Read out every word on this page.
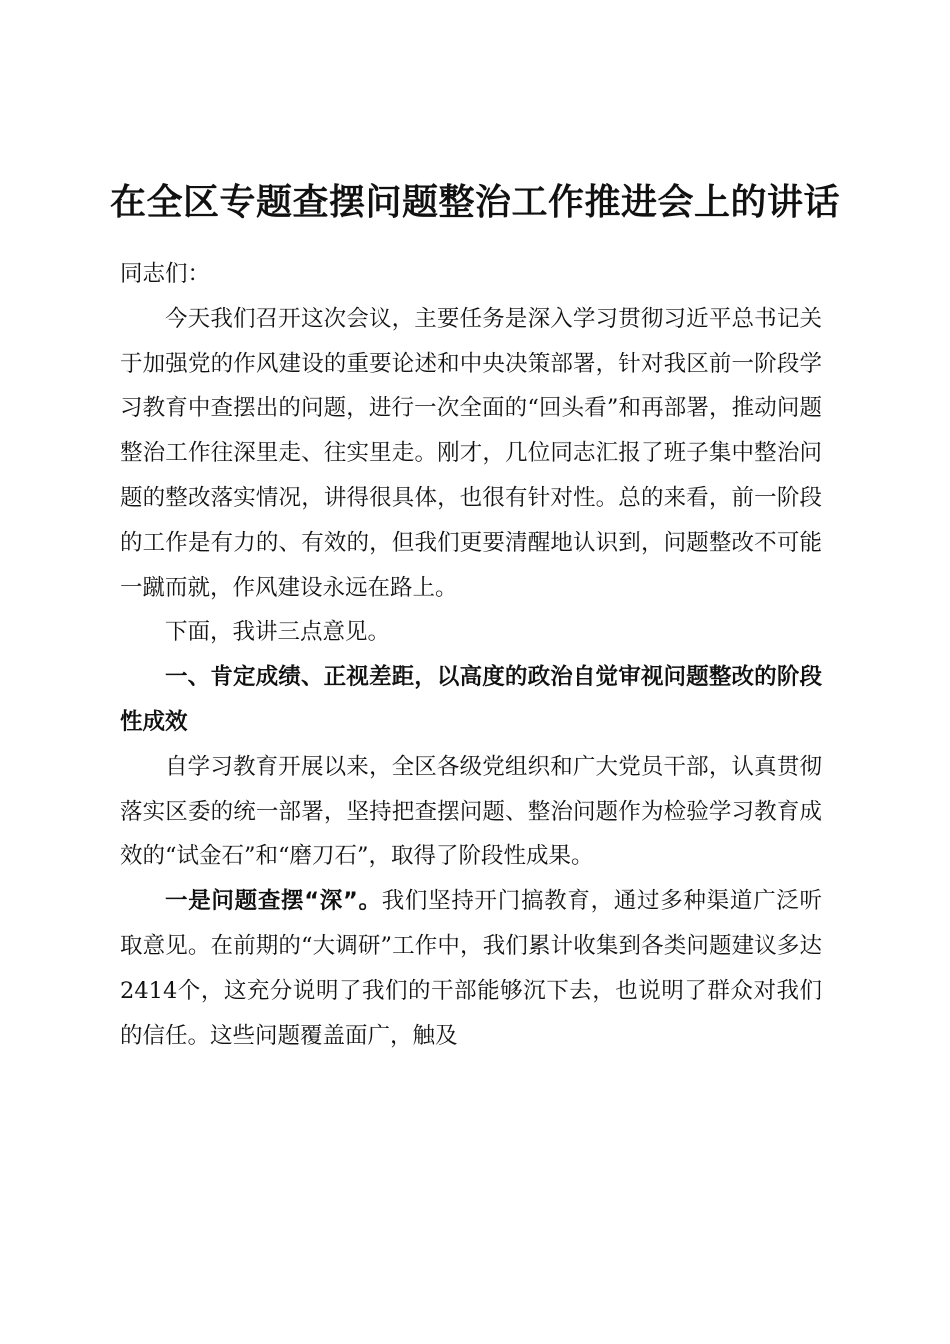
在全区专题查摆问题整治工作推进会上的讲话

同志们：

今天我们召开这次会议，主要任务是深入学习贯彻习近平总书记关于加强党的作风建设的重要论述和中央决策部署，针对我区前一阶段学习教育中查摆出的问题，进行一次全面的“回头看”和再部署，推动问题整治工作往深里走、往实里走。刚才，几位同志汇报了班子集中整治问题的整改落实情况，讲得很具体，也很有针对性。总的来看，前一阶段的工作是有力的、有效的，但我们更要清醒地认识到，问题整改不可能一蹴而就，作风建设永远在路上。

下面，我讲三点意见。

一、肯定成绩、正视差距，以高度的政治自觉审视问题整改的阶段性成效

自学习教育开展以来，全区各级党组织和广大党员干部，认真贯彻落实区委的统一部署，坚持把查摆问题、整治问题作为检验学习教育成效的“试金石”和“磨刀石”，取得了阶段性成果。

一是问题查摆“深”。我们坚持开门搞教育，通过多种渠道广泛听取意见。在前期的“大调研”工作中，我们累计收集到各类问题建议多达2414个，这充分说明了我们的干部能够沉下去，也说明了群众对我们的信任。这些问题覆盖面广，触及
